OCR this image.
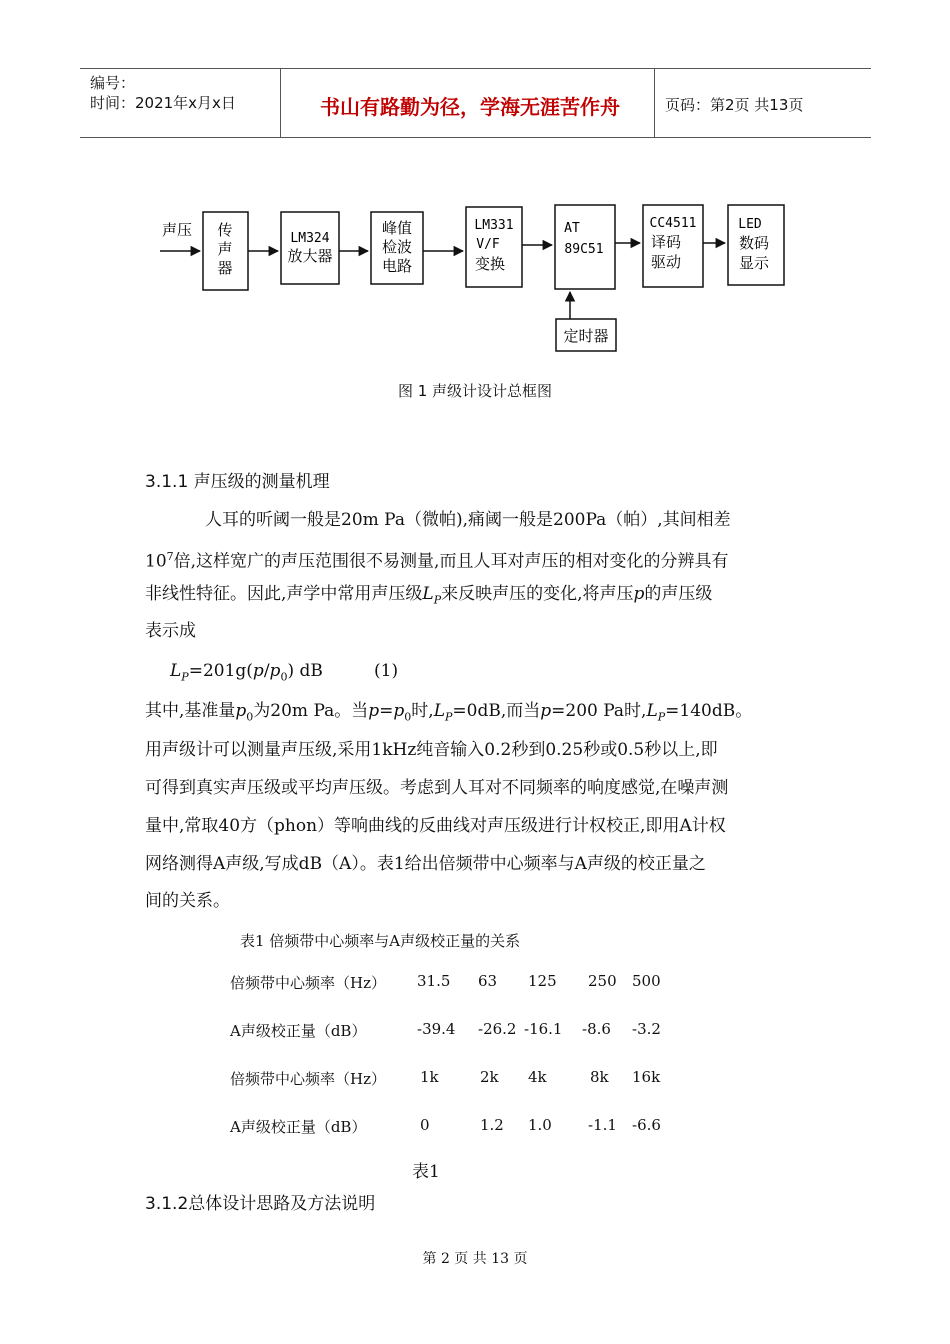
编号：
时间：2021年x月x日	书山有路勤为径，学海无涯苦作舟	页码：第2页 共13页
声压 传
声
器
LM324
放大器
峰值
检波
电路
LM331
V/F
变换
AT
89C51
CC4511
译码
驱动
LED
数码
显示
定时器
图 1 声级计设计总框图
3.1.1 声压级的测量机理
人耳的听阈一般是20m Pa（微帕),痛阈一般是200Pa（帕）,其间相差
$10^7$倍,这样宽广的声压范围很不易测量,而且人耳对声压的相对变化的分辨具有
非线性特征。因此,声学中常用声压级$L_P$来反映声压的变化,将声压p的声压级
表示成
$L_P=201g(p/p_0)$ dB	(1)
其中,基准量$p_0$为20m Pa。当$p=p_0$时$,L_P=0dB$,而当p=200 Pa时$,L_P=140dB$。
用声级计可以测量声压级,采用1kHz纯音输入0.2秒到0.25秒或0.5秒以上,即
可得到真实声压级或平均声压级。考虑到人耳对不同频率的响度感觉,在噪声测
量中,常取40方（phon）等响曲线的反曲线对声压级进行计权校正,即用A计权
网络测得A声级,写成dB（A）。表1给出倍频带中心频率与A声级的校正量之
间的关系。
表1 倍频带中心频率与A声级校正量的关系
倍频带中心频率（Hz） 31.5 63 125 250 500
A声级校正量（dB）	-39.4 -26.2 -16.1 -8.6 -3.2
倍频带中心频率（Hz） 1k	2k 4k	8k 16k
A声级校正量（dB）	0	1.2 1.0 -1.1 -6.6
表1
3.1.2总体设计思路及方法说明
第 2 页 共 13 页
